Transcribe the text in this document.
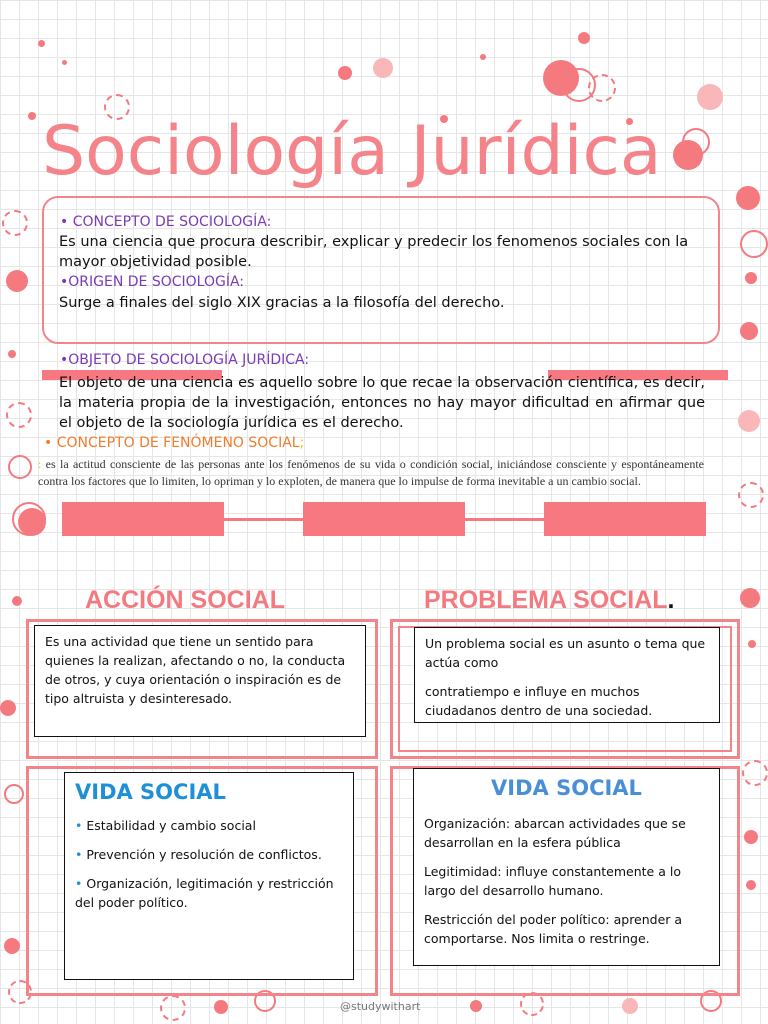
Sociología Jurídica
• CONCEPTO DE SOCIOLOGÍA:
Es una ciencia que procura describir, explicar y predecir los fenomenos sociales con la mayor objetividad posible.
•ORIGEN DE SOCIOLOGÍA:
Surge a finales del siglo XIX gracias a la filosofía del derecho.
•OBJETO DE SOCIOLOGÍA JURÍDICA:
El objeto de una ciencia es aquello sobre lo que recae la observación científica, es decir, la materia propia de la investigación, entonces no hay mayor dificultad en afirmar que el objeto de la sociología jurídica es el derecho.
• CONCEPTO DE FENÓMENO SOCIAL;
: es la actitud consciente de las personas ante los fenómenos de su vida o condición social, iniciándose consciente y espontáneamente contra los factores que lo limiten, lo opriman y lo exploten, de manera que lo impulse de forma inevitable a un cambio social.
ACCIÓN SOCIAL	PROBLEMA SOCIAL.

Es una actividad que tiene un sentido para quienes la realizan, afectando o no, la conducta de otros, y cuya orientación o inspiración es de tipo altruista y desinteresado.

Un problema social es un asunto o tema que actúa como

contratiempo e influye en muchos ciudadanos dentro de una sociedad.

VIDA SOCIAL

• Estabilidad y cambio social

• Prevención y resolución de conflictos.

• Organización, legitimación y restricción del poder político.

VIDA SOCIAL

Organización: abarcan actividades que se desarrollan en la esfera pública

Legitimidad: influye constantemente a lo largo del desarrollo humano.

Restricción del poder político: aprender a comportarse. Nos limita o restringe.

@studywithart
